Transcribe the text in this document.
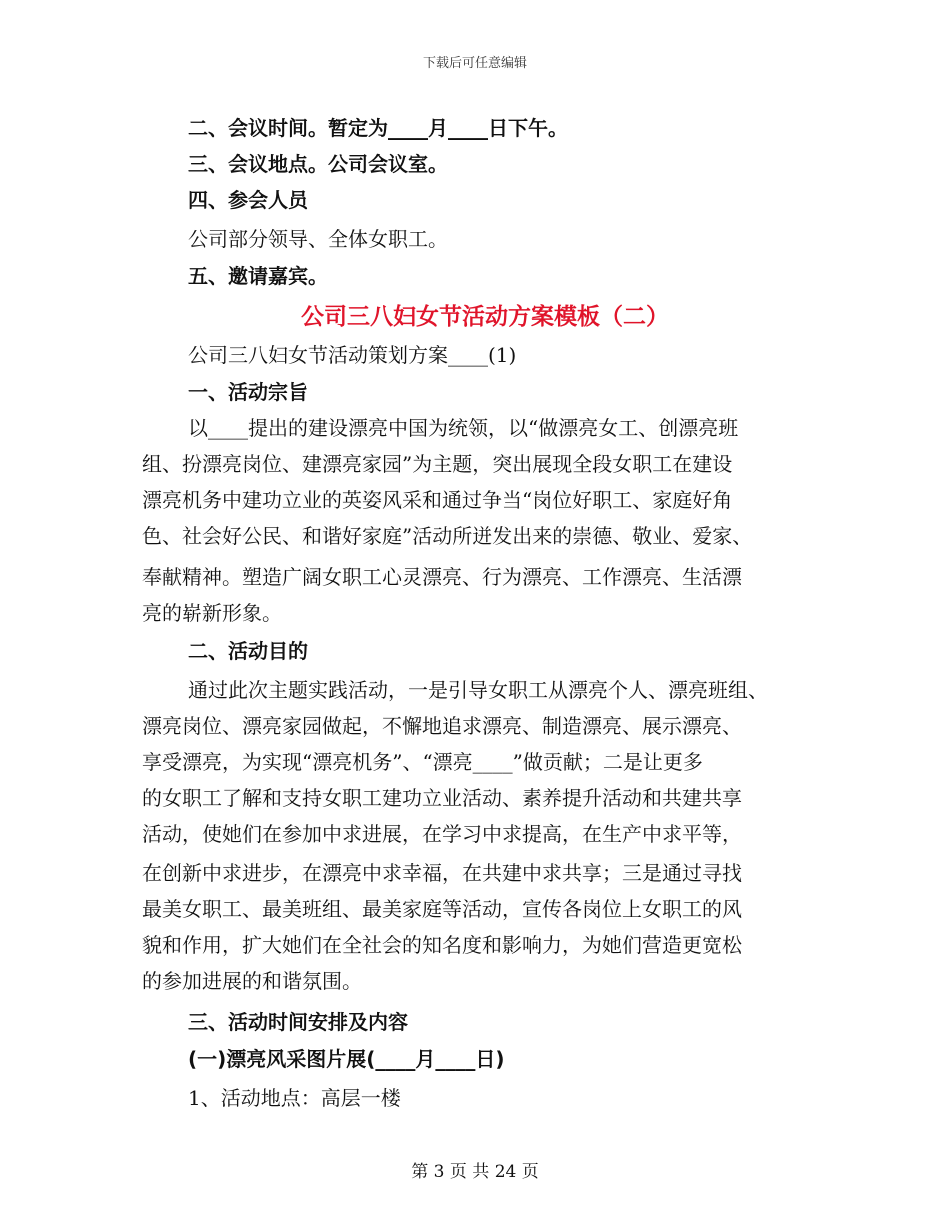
下载后可任意编辑
二、会议时间。暂定为____月____日下午。
三、会议地点。公司会议室。
四、参会人员
公司部分领导、全体女职工。
五、邀请嘉宾。
公司三八妇女节活动方案模板（二）
公司三八妇女节活动策划方案____(1)
一、活动宗旨
以____提出的建设漂亮中国为统领，以“做漂亮女工、创漂亮班
组、扮漂亮岗位、建漂亮家园”为主题，突出展现全段女职工在建设
漂亮机务中建功立业的英姿风采和通过争当“岗位好职工、家庭好角
色、社会好公民、和谐好家庭”活动所迸发出来的崇德、敬业、爱家、
奉献精神。塑造广阔女职工心灵漂亮、行为漂亮、工作漂亮、生活漂
亮的崭新形象。
二、活动目的
通过此次主题实践活动，一是引导女职工从漂亮个人、漂亮班组、
漂亮岗位、漂亮家园做起，不懈地追求漂亮、制造漂亮、展示漂亮、
享受漂亮，为实现“漂亮机务”、“漂亮____”做贡献；二是让更多
的女职工了解和支持女职工建功立业活动、素养提升活动和共建共享
活动，使她们在参加中求进展，在学习中求提高，在生产中求平等，
在创新中求进步，在漂亮中求幸福，在共建中求共享；三是通过寻找
最美女职工、最美班组、最美家庭等活动，宣传各岗位上女职工的风
貌和作用，扩大她们在全社会的知名度和影响力，为她们营造更宽松
的参加进展的和谐氛围。
三、活动时间安排及内容
(一)漂亮风采图片展(____月____日)
1、活动地点：高层一楼
第 3 页 共 24 页
